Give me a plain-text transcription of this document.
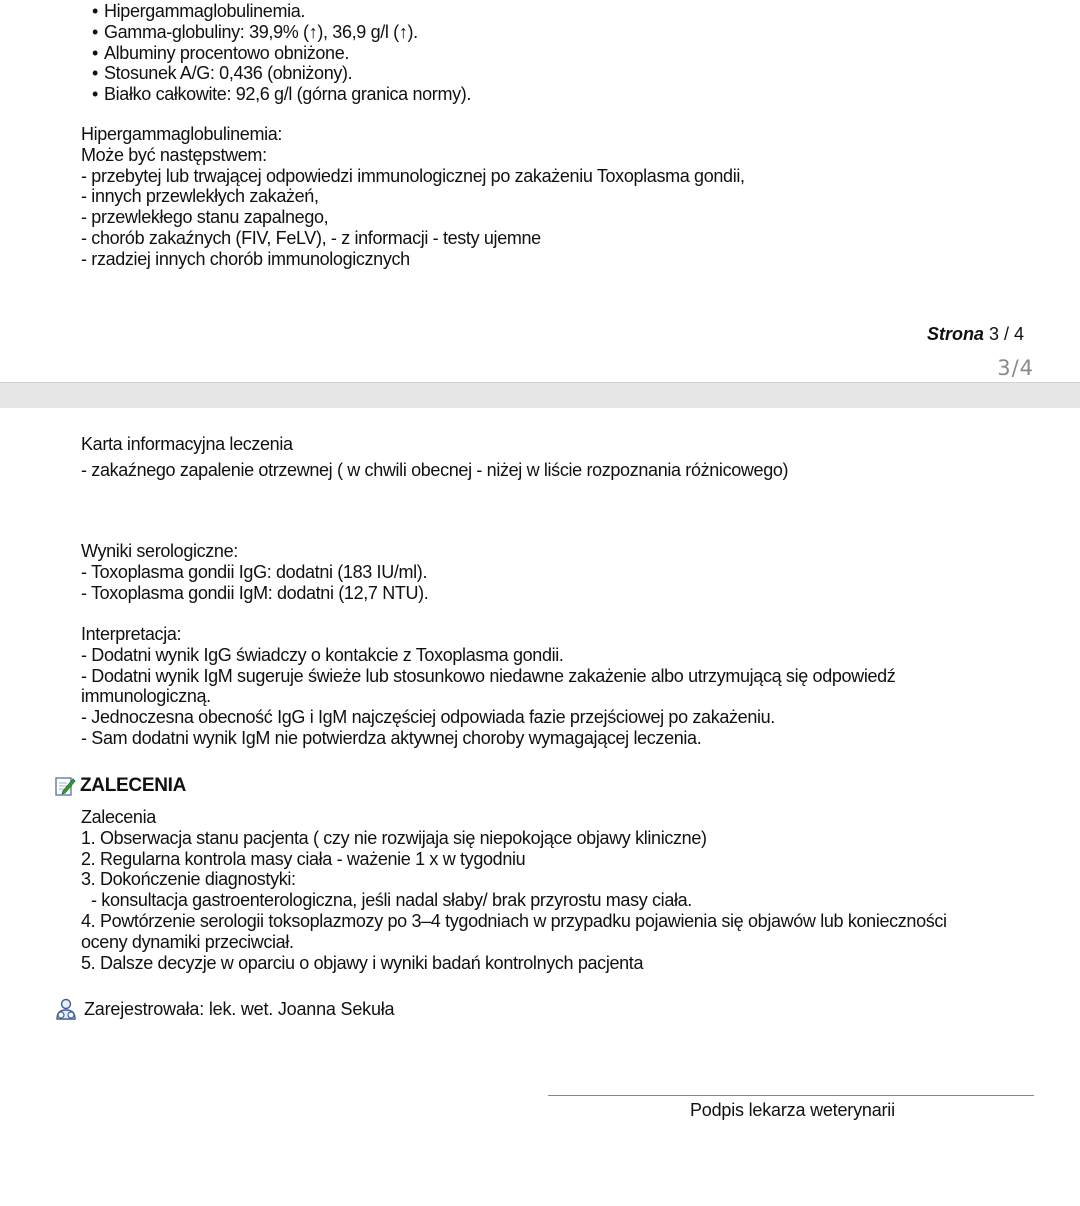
• Hipergammaglobulinemia.
• Gamma-globuliny: 39,9% (↑), 36,9 g/l (↑).
• Albuminy procentowo obniżone.
• Stosunek A/G: 0,436 (obniżony).
• Białko całkowite: 92,6 g/l (górna granica normy).
Hipergammaglobulinemia:
Może być następstwem:
- przebytej lub trwającej odpowiedzi immunologicznej po zakażeniu Toxoplasma gondii,
- innych przewlekłych zakażeń,
- przewlekłego stanu zapalnego,
- chorób zakaźnych (FIV, FeLV), - z informacji - testy ujemne
- rzadziej innych chorób immunologicznych
Strona 3 / 4
3/4
Karta informacyjna leczenia
- zakaźnego zapalenie otrzewnej ( w chwili obecnej - niżej w liście rozpoznania różnicowego)
Wyniki serologiczne:
- Toxoplasma gondii IgG: dodatni (183 IU/ml).
- Toxoplasma gondii IgM: dodatni (12,7 NTU).
Interpretacja:
- Dodatni wynik IgG świadczy o kontakcie z Toxoplasma gondii.
- Dodatni wynik IgM sugeruje świeże lub stosunkowo niedawne zakażenie albo utrzymującą się odpowiedź
immunologiczną.
- Jednoczesna obecność IgG i IgM najczęściej odpowiada fazie przejściowej po zakażeniu.
- Sam dodatni wynik IgM nie potwierdza aktywnej choroby wymagającej leczenia.
ZALECENIA
Zalecenia
1. Obserwacja stanu pacjenta ( czy nie rozwijaja się niepokojące objawy kliniczne)
2. Regularna kontrola masy ciała - ważenie 1 x w tygodniu
3. Dokończenie diagnostyki:
- konsultacja gastroenterologiczna, jeśli nadal słaby/ brak przyrostu masy ciała.
4. Powtórzenie serologii toksoplazmozy po 3–4 tygodniach w przypadku pojawienia się objawów lub konieczności
oceny dynamiki przeciwciał.
5. Dalsze decyzje w oparciu o objawy i wyniki badań kontrolnych pacjenta
Zarejestrowała: lek. wet. Joanna Sekuła
Podpis lekarza weterynarii
